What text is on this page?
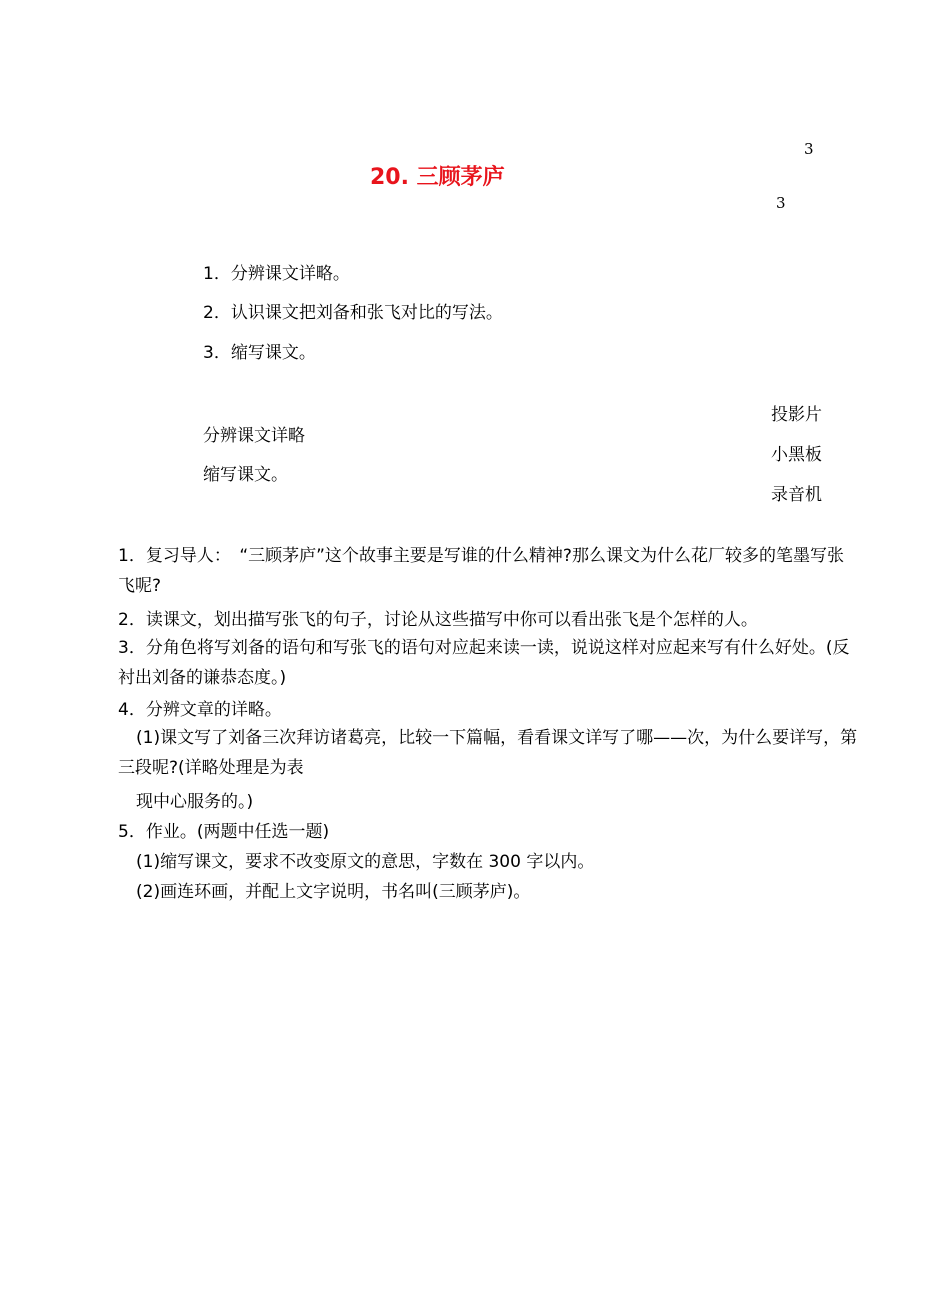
3
20. 三顾茅庐
3
1．分辨课文详略。
2．认识课文把刘备和张飞对比的写法。
3．缩写课文。
投影片
分辨课文详略
小黑板
缩写课文。
录音机
1．复习导人：　“三顾茅庐”这个故事主要是写谁的什么精神?那么课文为什么花厂较多的笔墨写张飞呢?
2．读课文，划出描写张飞的句子，讨论从这些描写中你可以看出张飞是个怎样的人。
3．分角色将写刘备的语句和写张飞的语句对应起来读一读，说说这样对应起来写有什么好处。(反衬出刘备的谦恭态度。)
4．分辨文章的详略。
(1)课文写了刘备三次拜访诸葛亮，比较一下篇幅，看看课文详写了哪——次，为什么要详写，第三段呢?(详略处理是为表
现中心服务的。)
5．作业。(两题中任选一题)
(1)缩写课文，要求不改变原文的意思，字数在 300 字以内。
(2)画连环画，并配上文字说明，书名叫(三顾茅庐)。
